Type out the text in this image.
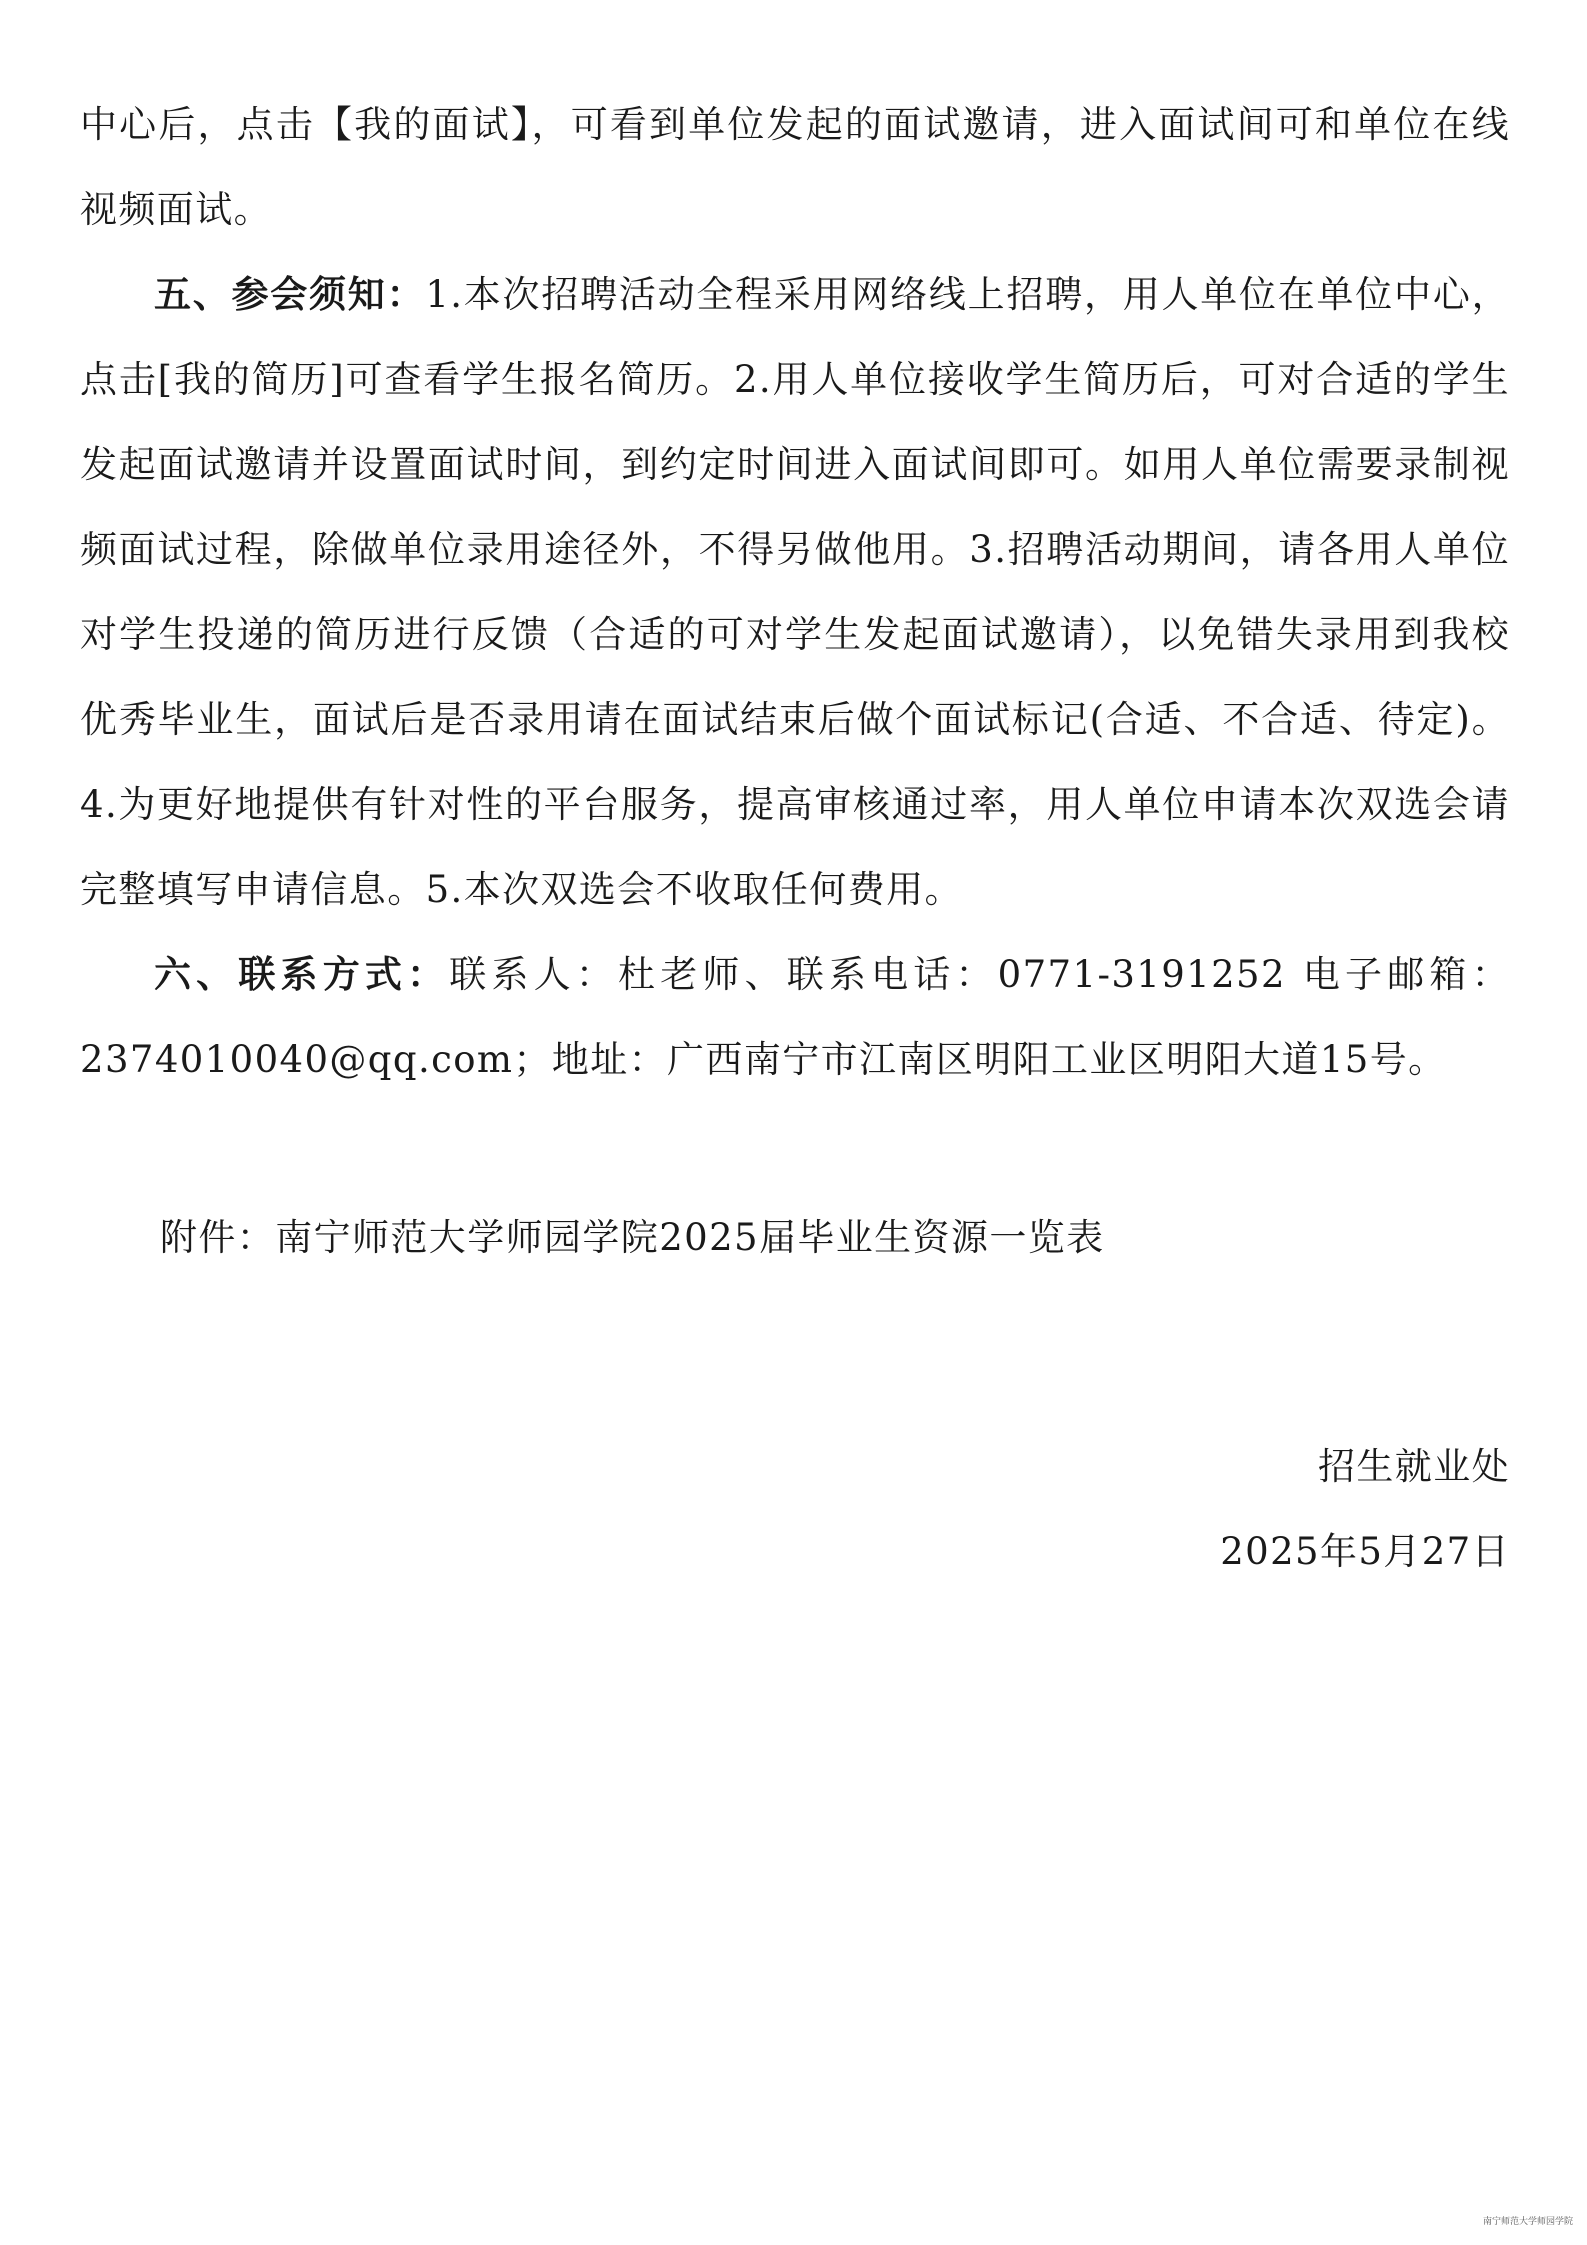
中心后，点击【我的面试】，可看到单位发起的面试邀请，进入面试间可和单位在线视频面试。

五、参会须知：1.本次招聘活动全程采用网络线上招聘，用人单位在单位中心，点击[我的简历]可查看学生报名简历。2.用人单位接收学生简历后，可对合适的学生发起面试邀请并设置面试时间，到约定时间进入面试间即可。如用人单位需要录制视频面试过程，除做单位录用途径外，不得另做他用。3.招聘活动期间，请各用人单位对学生投递的简历进行反馈（合适的可对学生发起面试邀请），以免错失录用到我校优秀毕业生，面试后是否录用请在面试结束后做个面试标记(合适、不合适、待定)。4.为更好地提供有针对性的平台服务，提高审核通过率，用人单位申请本次双选会请完整填写申请信息。5.本次双选会不收取任何费用。

六、联系方式：联系人：杜老师、联系电话：0771-3191252 电子邮箱：2374010040@qq.com；地址：广西南宁市江南区明阳工业区明阳大道15号。

附件：南宁师范大学师园学院2025届毕业生资源一览表
招生就业处
2025年5月27日
南宁师范大学师园学院
